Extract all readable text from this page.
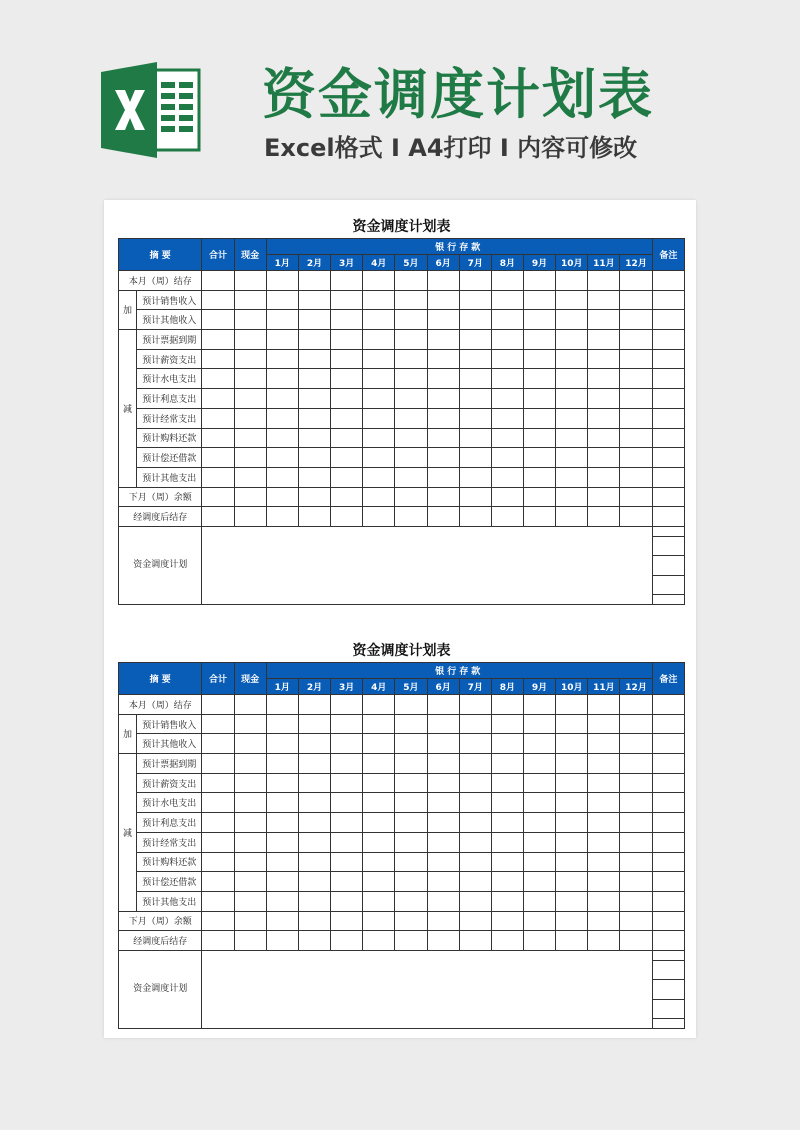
资金调度计划表
Excel格式 I A4打印 I 内容可修改
资金调度计划表
摘 要	合计	现金	银行存款	备注
1月	2月	3月	4月	5月	6月	7月	8月	9月	10月	11月	12月
本月（周）结存															
加	预计销售收入															
预计其他收入															
减	预计票据到期															
预计薪资支出															
预计水电支出															
预计利息支出															
预计经常支出															
预计购料还款															
预计偿还借款															
预计其他支出															
下月（周）余额															
经调度后结存															
资金调度计划		

资金调度计划表
摘 要	合计	现金	银行存款	备注
1月	2月	3月	4月	5月	6月	7月	8月	9月	10月	11月	12月
本月（周）结存															
加	预计销售收入															
预计其他收入															
减	预计票据到期															
预计薪资支出															
预计水电支出															
预计利息支出															
预计经常支出															
预计购料还款															
预计偿还借款															
预计其他支出															
下月（周）余额															
经调度后结存															
资金调度计划		
